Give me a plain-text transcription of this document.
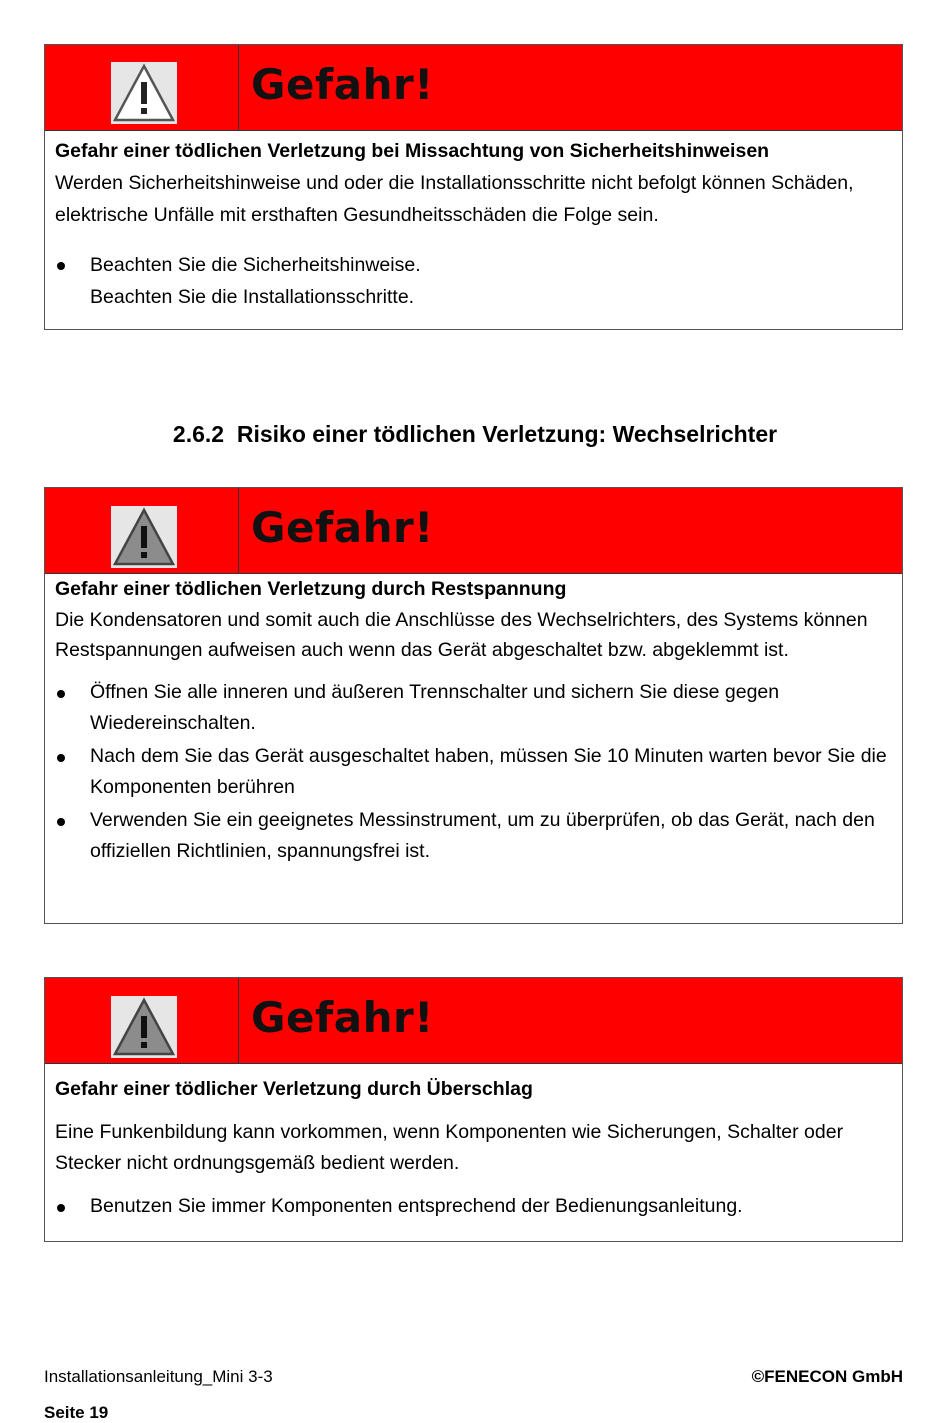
Gefahr!

Gefahr einer tödlichen Verletzung bei Missachtung von Sicherheitshinweisen

Werden Sicherheitshinweise und oder die Installationsschritte nicht befolgt können Schäden, elektrische Unfälle mit ersthaften Gesundheitsschäden die Folge sein.

Beachten Sie die Sicherheitshinweise.
Beachten Sie die Installationsschritte.
2.6.2 Risiko einer tödlichen Verletzung: Wechselrichter
Gefahr!

Gefahr einer tödlichen Verletzung durch Restspannung

Die Kondensatoren und somit auch die Anschlüsse des Wechselrichters, des Systems können Restspannungen aufweisen auch wenn das Gerät abgeschaltet bzw. abgeklemmt ist.

Öffnen Sie alle inneren und äußeren Trennschalter und sichern Sie diese gegen Wiedereinschalten.
Nach dem Sie das Gerät ausgeschaltet haben, müssen Sie 10 Minuten warten bevor Sie die Komponenten berühren
Verwenden Sie ein geeignetes Messinstrument, um zu überprüfen, ob das Gerät, nach den offiziellen Richtlinien, spannungsfrei ist.
Gefahr!

Gefahr einer tödlicher Verletzung durch Überschlag

Eine Funkenbildung kann vorkommen, wenn Komponenten wie Sicherungen, Schalter oder Stecker nicht ordnungsgemäß bedient werden.

Benutzen Sie immer Komponenten entsprechend der Bedienungsanleitung.
Installationsanleitung_Mini 3-3	©FENECON GmbH
Seite 19
